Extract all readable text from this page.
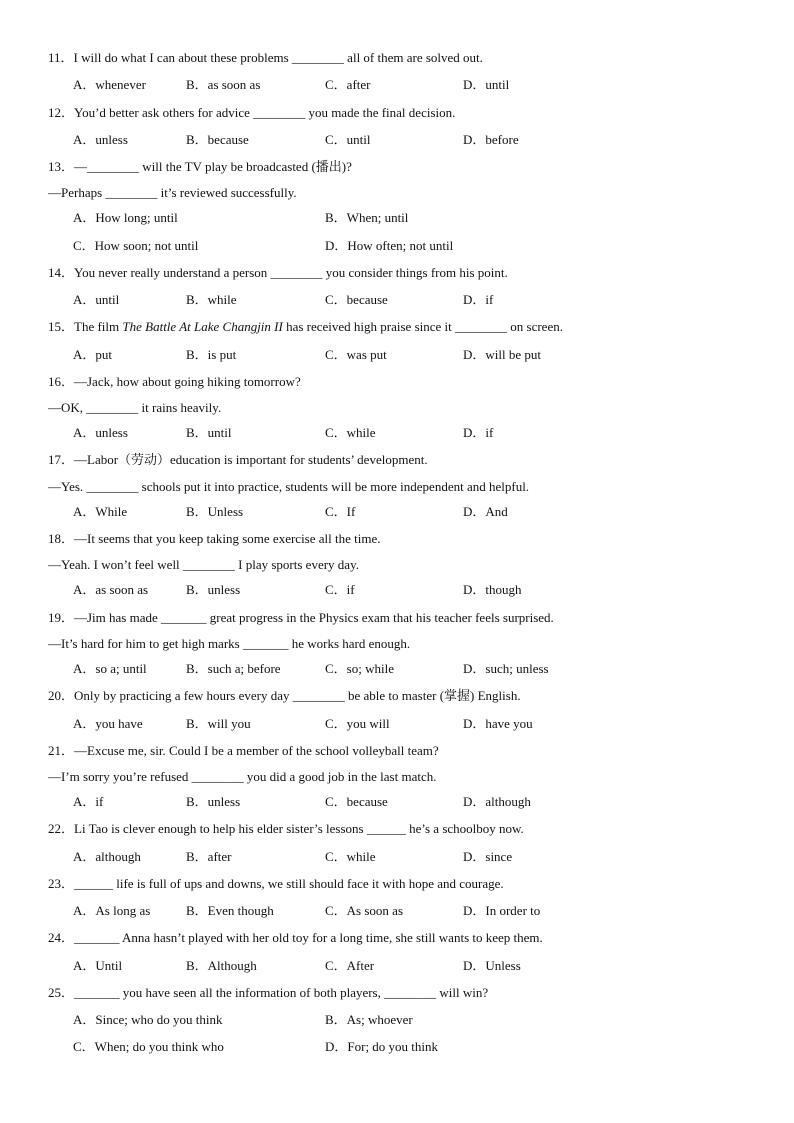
11．I will do what I can about these problems ________ all of them are solved out.
A．whenever	B．as soon as	C．after	D．until
12．You’d better ask others for advice ________ you made the final decision.
A．unless	B．because	C．until	D．before
13．—________ will the TV play be broadcasted (播出)?
—Perhaps ________ it’s reviewed successfully.
A．How long; until	B．When; until
C．How soon; not until	D．How often; not until
14．You never really understand a person ________ you consider things from his point.
A．until	B．while	C．because	D．if
15．The film The Battle At Lake Changjin II has received high praise since it ________ on screen.
A．put	B．is put	C．was put	D．will be put
16．—Jack, how about going hiking tomorrow?
—OK, ________ it rains heavily.
A．unless	B．until	C．while	D．if
17．—Labor（劳动）education is important for students’ development.
—Yes. ________ schools put it into practice, students will be more independent and helpful.
A．While	B．Unless	C．If	D．And
18．—It seems that you keep taking some exercise all the time.
—Yeah. I won’t feel well ________ I play sports every day.
A．as soon as	B．unless	C．if	D．though
19．—Jim has made _______ great progress in the Physics exam that his teacher feels surprised.
—It’s hard for him to get high marks _______ he works hard enough.
A．so a; until	B．such a; before	C．so; while	D．such; unless
20．Only by practicing a few hours every day ________ be able to master (掌握) English.
A．you have	B．will you	C．you will	D．have you
21．—Excuse me, sir. Could I be a member of the school volleyball team?
—I’m sorry you’re refused ________ you did a good job in the last match.
A．if	B．unless	C．because	D．although
22．Li Tao is clever enough to help his elder sister’s lessons ______ he’s a schoolboy now.
A．although	B．after	C．while	D．since
23．______ life is full of ups and downs, we still should face it with hope and courage.
A．As long as	B．Even though	C．As soon as	D．In order to
24．_______ Anna hasn’t played with her old toy for a long time, she still wants to keep them.
A．Until	B．Although	C．After	D．Unless
25．_______ you have seen all the information of both players, ________ will win?
A．Since; who do you think	B．As; whoever
C．When; do you think who	D．For; do you think
